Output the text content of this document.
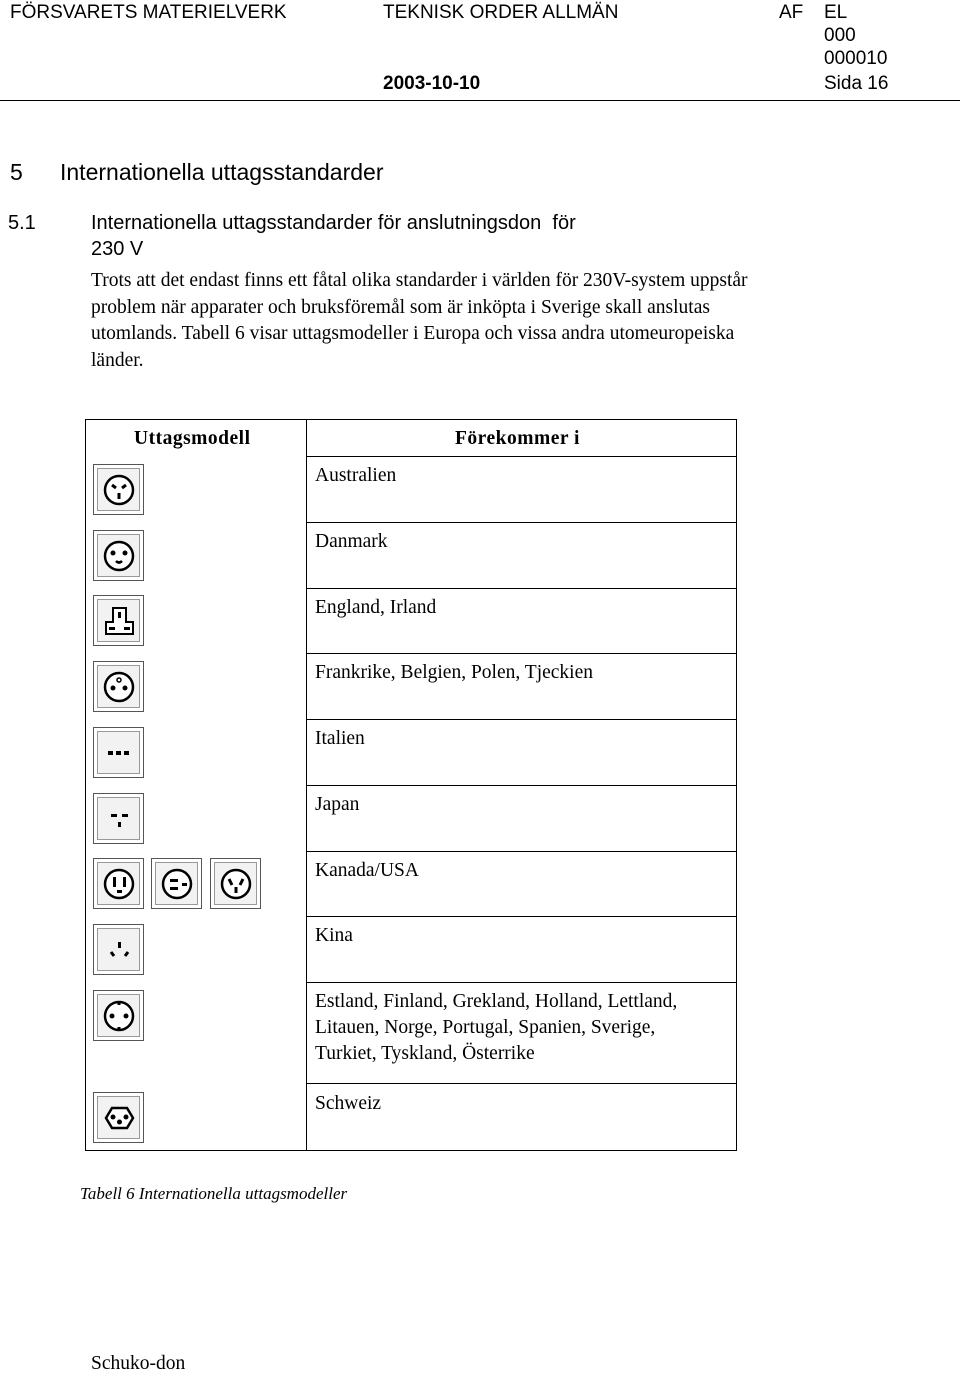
FÖRSVARETS MATERIELVERK	TEKNISK ORDER ALLMÄN	AF EL
000
000010
2003-10-10	Sida 16
5 Internationella uttagsstandarder
5.1	Internationella uttagsstandarder för anslutningsdon  för
230 V
Trots att det endast finns ett fåtal olika standarder i världen för 230V-system uppstår problem när apparater och bruksföremål som är inköpta i Sverige skall anslutas utomlands. Tabell 6 visar uttagsmodeller i Europa och vissa andra utomeuropeiska länder.
Uttagsmodell	Förekommer i
Australien
Danmark
England, Irland
Frankrike, Belgien, Polen, Tjeckien
Italien
Japan
Kanada/USA
Kina
Estland, Finland, Grekland, Holland, Lettland,
Litauen, Norge, Portugal, Spanien, Sverige,
Turkiet, Tyskland, Österrike
Schweiz
Schuko-don
Tabell 6 Internationella uttagsmodeller
